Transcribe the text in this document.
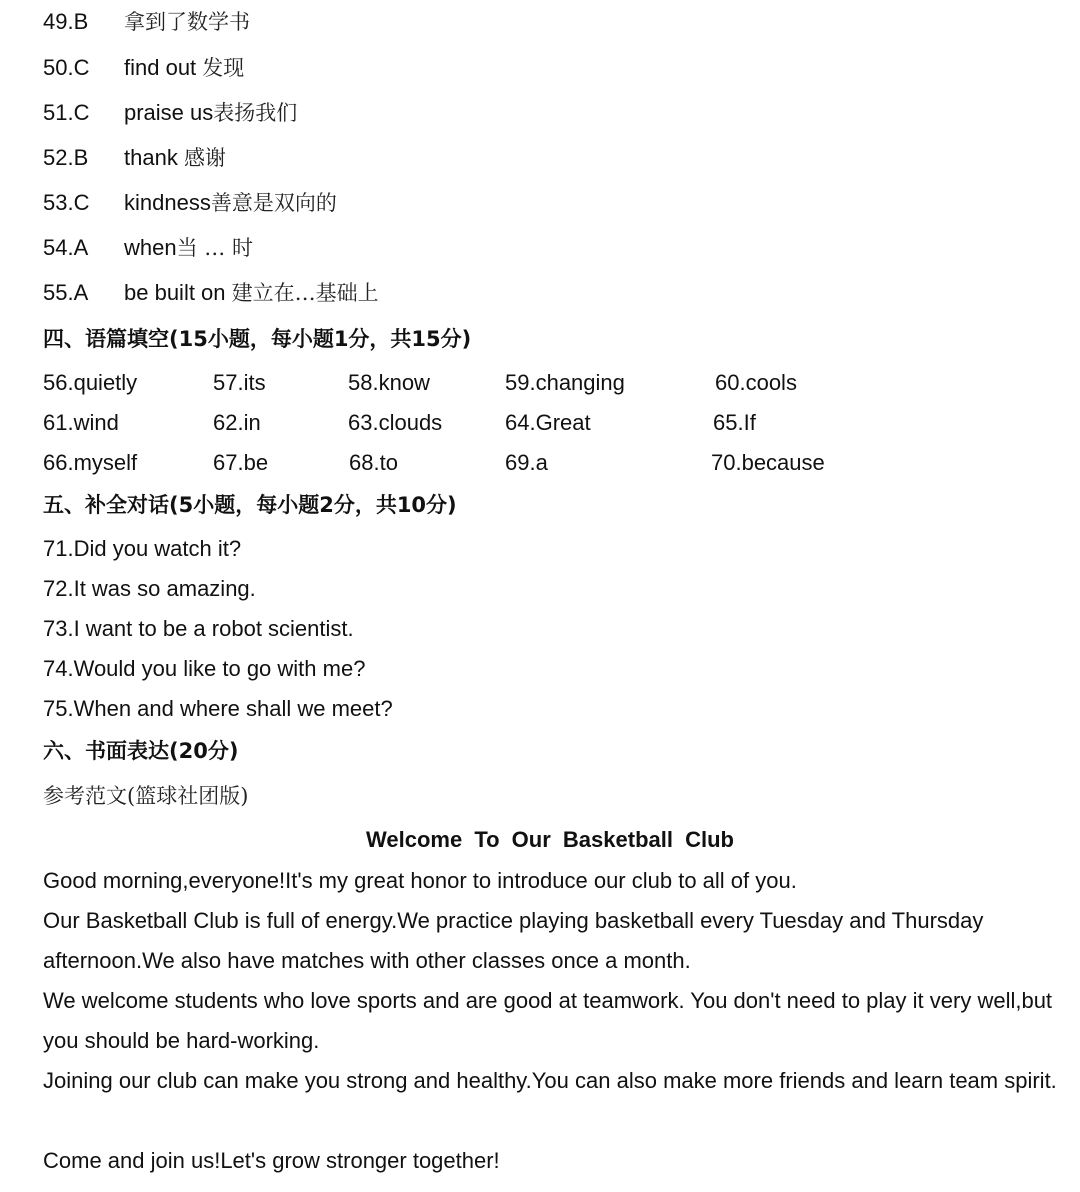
49.B 拿到了数学书
50.C find out 发现
51.C praise us表扬我们
52.B thank 感谢
53.C kindness善意是双向的
54.A when当 … 时
55.A be built on 建立在…基础上
四、语篇填空(15小题，每小题1分，共15分)
56.quietly	57.its	58.know	59.changing	60.cools
61.wind	62.in	63.clouds	64.Great	65.If
66.myself	67.be	68.to	69.a	70.because
五、补全对话(5小题，每小题2分，共10分)
71.Did you watch it?
72.It was so amazing.
73.I want to be a robot scientist.
74.Would you like to go with me?
75.When and where shall we meet?
六、书面表达(20分)
参考范文(篮球社团版)
Welcome To Our Basketball Club
Good morning,everyone!It's my great honor to introduce our club to all of you.
Our Basketball Club is full of energy.We practice playing basketball every Tuesday and Thursday afternoon.We also have matches with other classes once a month.
We welcome students who love sports and are good at teamwork. You don't need to play it very well,but you should be hard-working.
Joining our club can make you strong and healthy.You can also make more friends and learn team spirit.
Come and join us!Let's grow stronger together!
